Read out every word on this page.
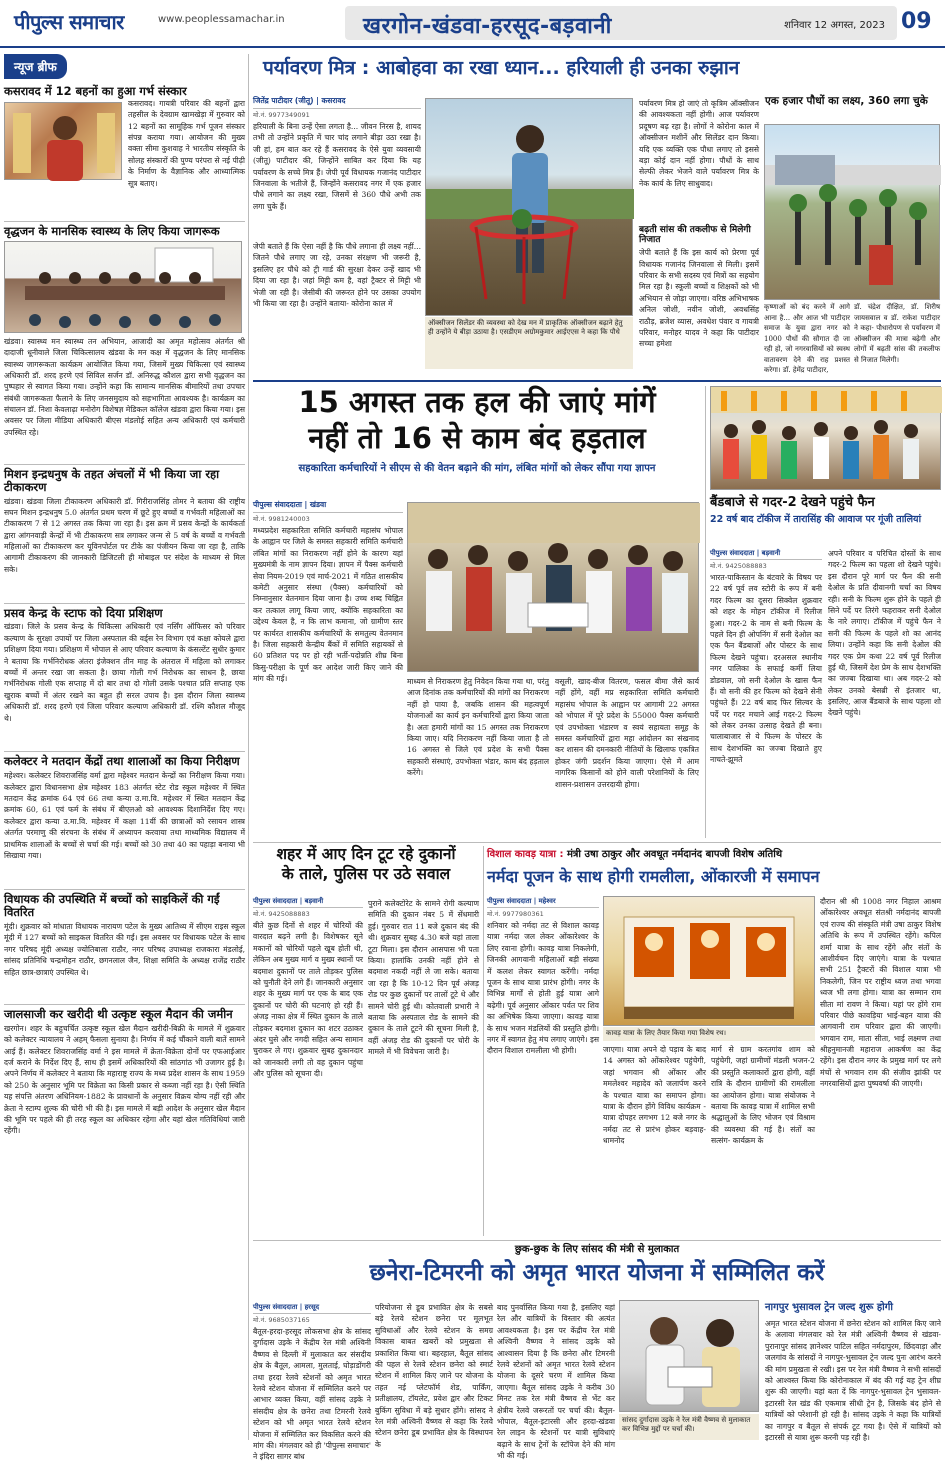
पीपुल्स समाचार	www.peoplessamachar.in	खरगोन-खंडवा-हरसूद-बड़वानी	शनिवार 12 अगस्त, 2023 09
न्यूज ब्रीफ
कसरावद में 12 बहनों का हुआ गर्भ संस्कार
कसरावद। गायत्री परिवार की बहनों द्वारा तहसील के देवग्राम खामखेड़ा में गुरुवार को 12 बहनों का सामूहिक गर्भ पूजन संस्कार संपन्न कराया गया। आयोजन की मुख्य वक्ता सीमा कुशवाह ने भारतीय संस्कृति के सोलह संस्कारों की पुण्य परंपरा से नई पीढ़ी के निर्माण के वैज्ञानिक और आध्यात्मिक सूत्र बताए।
वृद्धजन के मानसिक स्वास्थ्य के लिए किया जागरूक
खंडवा। स्वास्थ्य मन स्वास्थ्य तन अभियान, आजादी का अमृत महोत्सव अंतर्गत श्री दादाजी धूनीवाले जिला चिकित्सालय खंडवा के मन कक्ष में वृद्धजन के लिए मानसिक स्वास्थ्य जागरूकता कार्यक्रम आयोजित किया गया, जिसमें मुख्य चिकित्सा एवं स्वास्थ्य अधिकारी डॉ. शरद हरणे एवं सिविल सर्जन डॉ. अनिरुद्ध कौशल द्वारा सभी वृद्धजन का पुष्पहार से स्वागत किया गया। उन्होंने कहा कि सामान्य मानसिक बीमारियों तथा उपचार संबंधी जागरूकता फैलाने के लिए जनसमुदाय को सहभागिता आवश्यक है। कार्यक्रम का संचालन डॉ. निशा केवलाढ़ा मनोरोग विशेषज्ञ मेडिकल कॉलेज खंडवा द्वारा किया गया। इस अवसर पर जिला मीडिया अधिकारी बीएस मंडलोई सहित अन्य अधिकारी एवं कर्मचारी उपस्थित रहे।
मिशन इन्द्रधनुष के तहत अंचलों में भी किया जा रहा टीकाकरण
खंडवा। खंडवा जिला टीकाकरण अधिकारी डॉ. गिरीराजसिंह तोमर ने बताया की राष्ट्रीय सघन मिशन इन्द्रधनुष 5.0 अंतर्गत प्रथम चरण में छूटे हुए बच्चों व गर्भवती महिलाओं का टीकाकरण 7 से 12 अगस्त तक किया जा रहा है। इस क्रम में प्रसव केन्द्रों के कार्यकर्ता द्वारा आंगनवाड़ी केन्द्रों में भी टीकाकरण सत्र लगाकर जन्म से 5 वर्ष के बच्चों व गर्भवती महिलाओं का टीकाकरण कर यूविनपोर्टल पर टीके का पंजीयन किया जा रहा है, ताकि आगामी टीकाकरण की जानकारी डिजिटली ही मोबाइल पर संदेश के माध्यम से मिल सके।
प्रसव केन्द्र के स्टाफ को दिया प्रशिक्षण
खंडवा। जिले के प्रसव केन्द्र के चिकित्सा अधिकारी एवं नर्सिंग ऑफिसर को परिवार कल्याण के सुरक्षा उपायों पर जिला अस्पताल की वर्ड्स रेन विभाग एवं कक्षा कोयले द्वारा प्रशिक्षण दिया गया। प्रशिक्षण में भोपाल से आए परिवार कल्याण के कंसल्टेंट सुधीर कुमार ने बताया कि गर्भनिरोधक अंतरा इंजेक्शन तीन माह के अंतराल में महिला को लगाकर बच्चों में अन्तर रखा जा सकता है। छाया गोली गर्भ निरोधक का साधन है, छाया गर्भनिरोधक गोली एक सप्ताह में दो बार तथा दो गोली उसके पश्चात प्रति सप्ताह एक खुराक बच्चों में अंतर रखने का बहुत ही सरल उपाय है। इस दौरान जिला स्वास्थ्य अधिकारी डॉ. शरद हरणे एवं जिला परिवार कल्याण अधिकारी डॉ. रश्मि कौशल मौजूद थे।
कलेक्टर ने मतदान केंद्रों तथा शालाओं का किया निरीक्षण
महेश्वर। कलेक्टर शिवराजसिंह वर्मा द्वारा महेश्वर मतदान केन्द्रों का निरीक्षण किया गया। कलेक्टर द्वारा विधानसभा क्षेत्र महेश्वर 183 अंतर्गत स्टेट रोड स्कूल महेश्वर में स्थित मतदान केंद्र क्रमांक 64 एवं 66 तथा कन्या उ.मा.वि. महेश्वर में स्थित मतदान केंद्र क्रमांक 60, 61 एवं फर्म के संबंध में बीएलओ को आवश्यक दिशानिर्देश दिए गए। कलेक्टर द्वारा कन्या उ.मा.वि. महेश्वर में कक्षा 11वीं की छात्राओं को रसायन शास्त्र अंतर्गत परमाणु की संरचना के संबंध में अध्यापन करवाया तथा माध्यमिक विद्यालय में प्राथमिक शालाओं के बच्चों से चर्चा की गई। बच्चों को 30 तथा 40 का पहाड़ा बनाया भी सिखाया गया।
विधायक की उपस्थिति में बच्चों को साइकिलें की गईं वितरित
मूंदी। शुक्रवार को मांधाता विधायक नारायण पटेल के मुख्य आतिथ्य में सीएम राइस स्कूल मूंदी में 127 बच्चों को साइकल वितरित की गईं। इस अवसर पर विधायक पटेल के साथ नगर परिषद मूंदी अध्यक्ष ज्योतिबाला राठौर, नगर परिषद उपाध्यक्ष राजकारा मंडलोई, सांसद प्रतिनिधि चन्द्रमोहन राठौर, छगनलाल जैन, शिक्षा समिति के अध्यक्ष राजेंद्र राठौर सहित छात्र-छात्राएं उपस्थित थे।
जालसाजी कर खरीदी थी उत्कृष्ट स्कूल मैदान की जमीन
खरगोन। शहर के बहुचर्चित उत्कृष्ट स्कूल खेल मैदान खरीदी-बिक्री के मामले में शुक्रवार को कलेक्टर न्यायालय ने अहम् फैसला सुनाया है। निर्णय में कई चौंकाने वाली बातें सामने आई हैं। कलेक्टर शिवराजसिंह वर्मा ने इस मामले में क्रेता-विक्रेता दोनों पर एफआईआर दर्ज कराने के निर्देश दिए हैं, साथ ही इसमें अधिकारियों की सांठगांठ भी उजागर हुई है। अपने निर्णय में कलेक्टर ने बताया कि महाराष्ट्र राज्य के मध्य प्रदेश शासन के साथ 1959 को 250 के अनुसार भूमि पर विक्रेता का किसी प्रकार से कब्जा नहीं रहा है। ऐसी स्थिति यह संपत्ति अंतरण अधिनियम-1882 के प्रावधानों के अनुसार विक्रय योग्य नहीं रही और क्रेता ने स्टाम्प शुल्क की चोरी भी की है। इस मामले में बड़ी आदेश के अनुसार खेल मैदान की भूमि पर पहले की ही तरह स्कूल का अधिकार रहेगा और यहां खेल गतिविधियां जारी रहेंगी।
पर्यावरण मित्र : आबोहवा का रखा ध्यान... हरियाली ही उनका रुझान
जितेंद्र पाटीदार (जीतू) | कसरावद
मो.नं. 9977349091
हरियाली के बिना उन्हें ऐसा लगता है... जीवन निरस है, शायद तभी तो उन्होंने प्रकृति में चार चांद लगाने बीड़ा उठा रखा है। जी हां, हम बात कर रहे हैं कसरावद के ऐसे युवा व्यवसायी (जीतू) पाटीदार की, जिन्होंने साबित कर दिया कि यह पर्यावरण के सच्चे मित्र हैं। जेपी पूर्व विधायक गजानंद पाटीदार जिनवाला के भतीजे हैं, जिन्होंने कसरावद नगर में एक हजार पौधे लगाने का लक्ष्य रखा, जिसमें से 360 पौधे अभी तक लगा चुके हैं।
जेपी बताते हैं कि ऐसा नहीं है कि पौधे लगाना ही लक्ष्य नहीं... जितने पौधे लगाए जा रहे, उनका संरक्षण भी जरूरी है, इसलिए हर पौधे को ट्री गार्ड की सुरक्षा देकर उन्हें खाद भी दिया जा रहा है। जहां मिट्टी कम है, वहां ट्रैक्टर से मिट्टी भी भेजी जा रही है। जेसीबी की जरूरत होने पर उसका उपयोग भी किया जा रहा है। उन्होंने बताया- कोरोना काल में
ऑक्सीजन सिलेंडर की व्यवस्था को देख मन में प्राकृतिक ऑक्सीजन बढ़ाने हेतु ही उन्होंने ये बीड़ा उठाया है। एसडीएम अग्रोमकुमार आईएएस ने कहा कि पौधे
पर्यावरण मित्र हो जाएं तो कृत्रिम ऑक्सीजन की आवश्यकता नहीं होगी। आज पर्यावरण प्रदूषण बढ़ रहा है। लोगों ने कोरोना काल में ऑक्सीजन मशीनें और सिलेंडर दान किया। यदि एक व्यक्ति एक पौधा लगाए तो इससे बड़ा कोई दान नहीं होगा। पौधों के साथ सेल्फी लेकर भेजने वाले पर्यावरण मित्र के नेक कार्य के लिए साधुवाद।
बढ़ती सांस की तकलीफ से मिलेगी निजात
जेपी बताते हैं कि इस कार्य को प्रेरणा पूर्व विधायक गजानंद जिनवाला से मिली। इसमें परिवार के सभी सदस्य एवं मित्रों का सहयोग मिल रहा है। स्कूली बच्चों व शिक्षकों को भी अभियान से जोड़ा जाएगा। वरिष्ठ अभिभाषक अनिल जोशी, नवीन जोशी, अवधसिंह राठौड़, ब्रजेश व्यास, अवधेश पंवार व गायत्री परिवार, मनोहर यादव ने कहा कि पाटीदार सच्चा हमेशा
एक हजार पौधों का लक्ष्य, 360 लगा चुके
कृष्णाओं को बंद करने में आगे आना है... और आज भी पाटीदार समाज के युवा द्वारा नगर को 1000 पौधों की सौगात दी जा रही हो, जो नगरवासियों को स्वस्थ वातावरण देने की राह प्रशस्त करेगा। डॉ. हेमेंद्र पाटीदार,
डॉ. चंद्रेश दीक्षित, डॉ. शिरीष जायसवाल व डॉ. राकेश पाटीदार ने कहा- पौधारोपण से पर्यावरण में ऑक्सीजन की मात्रा बढ़ेगी और लोगों में बढ़ती सांस की तकलीफ से निजात मिलेगी।
15 अगस्त तक हल की जाएं मांगें
नहीं तो 16 से काम बंद हड़ताल
सहकारिता कर्मचारियों ने सीएम से की वेतन बढ़ाने की मांग, लंबित मांगों को लेकर सौंपा गया ज्ञापन
पीपुल्स संवाददाता | खंडवा
मो.नं. 9981240003
मध्यप्रदेश सहकारिता समिति कर्मचारी महासंघ भोपाल के आह्वान पर जिले के समस्त सहकारी समिति कर्मचारी लंबित मांगों का निराकरण नहीं होने के कारण यहां मुख्यमंत्री के नाम ज्ञापन दिया। ज्ञापन में पैक्स कर्मचारी सेवा नियम-2019 एवं मार्च-2021 में गठित शासकीय कमेटी अनुसार संस्था (पैक्स) कर्मचारियों को निम्नानुसार वेतनमान दिया जाना है। उच्च शब्द चिह्नित कर तत्काल लागू किया जाए, क्योंकि सहकारिता का उद्देश्य केवल है, न कि लाभ कमाना, जो ग्रामीण स्तर पर कार्यरत शासकीय कर्मचारियों के समतुल्य वेतनमान है। जिला सहकारी केन्द्रीय बैंकों में समिति सहायकों से 60 प्रतिशत पद पर हो रही भर्ती-पदोन्नति शीघ्र बिना किसु-परीक्षा के पूर्ण कर आदेश जारी किए जाने की मांग की गई।	माध्यम से निराकरण हेतु निवेदन किया गया था, परंतु आज दिनांक तक कर्मचारियों की मांगों का निराकरण नहीं हो पाया है, जबकि शासन की महत्वपूर्ण योजनाओं का कार्य इन कर्मचारियों द्वारा किया जाता है। अतः हमारी मांगों का 15 अगस्त तक निराकरण किया जाए। यदि निराकरण नहीं किया जाता है तो 16 अगस्त से जिले एवं प्रदेश के सभी पैक्स सहकारी संस्थाएं, उपभोक्ता भंडार, काम बंद हड़ताल करेंगे।
वसूली, खाद-बीज वितरण, फसल बीमा जैसे कार्य नहीं होंगे, वहीं मप्र सहकारिता समिति कर्मचारी महासंघ भोपाल के आह्वान पर आगामी 22 अगस्त को भोपाल में पूरे प्रदेश के 55000 पैक्स कर्मचारी एवं उपभोक्ता भंडारण व स्वयं सहायता समूह के समस्त कर्मचारियों द्वारा महा आंदोलन का संखनाद कर शासन की दमनकारी नीतियों के खिलाफ एकत्रित होकर जंगी प्रदर्शन किया जाएगा। ऐसे में आम नागरिक किसानों को होने वाली परेशानियों के लिए शासन-प्रशासन उत्तरदायी होगा।
बैंडबाजे से गदर-2 देखने पहुंचे फैन
22 वर्ष बाद टॉकीज में तारासिंह की आवाज पर गूंजी तालियां
पीपुल्स संवाददाता | बड़वानी
मो.नं. 9425088883
भारत-पाकिस्तान के बंटवारे के विषय पर 22 वर्ष पूर्व लव स्टोरी के रूप में बनी गदर फिल्म का दूसरा सिक्वेल शुक्रवार को शहर के मोहन टॉकीज में रिलीज हुआ। गदर-2 के नाम से बनी फिल्म के पहले दिन ही ओपनिंग में सनी देओल का एक फैन बैंडबाजों और पोस्टर के साथ फिल्म देखने पहुंचा। दरअसल स्थानीय नगर पालिका के सफाई कर्मी लिया डोडवाल, जो सनी देओल के खास फैन हैं। वो सनी की हर फिल्म को देखने सेनी पहुंचते हैं। 22 वर्ष बाद फिर सिल्वर के पर्दे पर गदर मचाने आई गदर-2 फिल्म को लेकर उनका उत्साह देखते ही बना। चालाबाजार से ये फिल्म के पोस्टर के साथ देशभक्ति का जज्बा दिखाते हुए नाचते-झूमते
अपने परिवार व परिचित दोस्तों के साथ गदर-2 फिल्म का पहला शो देखने पहुंचे। इस दौरान पूरे मार्ग पर फैन की सनी देओल के प्रति दीवानगी चर्चा का विषय रही। सनी के फिल्म शुरू होने के पहले ही सिने पर्दे पर तिरंगे फहराकर सनी देओल के नारे लगाए। टॉकीज में पहुंचे फैन ने सनी की फिल्म के पहले शो का आनंद लिया। उन्होंने कहा कि सनी देओल की गदर एक प्रेम कथा 22 वर्ष पूर्व रिलीज हुई थी, जिसमें देश प्रेम के साथ देशभक्ति का जज्बा दिखाया था। अब गदर-2 को लेकर उनको बेसब्री से इंतजार था, इसलिए, आज बैंडबाजे के साथ पहला शो देखने पहुंचे।
शहर में आए दिन टूट रहे दुकानों
के ताले, पुलिस पर उठे सवाल
पीपुल्स संवाददाता | बड़वानी
मो.नं. 9425088883
बीते कुछ दिनों से शहर में चोरियों की वारदात बढ़ने लगी है। विशेषकर सूने मकानों को चोरियों पहले खूब होती थी, लेकिन अब मुख्य मार्ग व मुख्य स्थानों पर बदमाश दुकानों पर ताले तोड़कर पुलिस को चुनौती देने लगे हैं। जानकारी अनुसार शहर के मुख्य मार्ग पर एक के बाद एक दुकानों पर चोरी की घटनाएं हो रही हैं। अंजड़ नाका क्षेत्र में स्थित दुकान के ताले तोड़कर बदमाश दुकान का शटर उठाकर अंदर घुसे और नगदी सहित अन्य सामान चुराकर ले गए। शुक्रवार सुबह दुकानदार को जानकारी लगी तो वह दुकान पहुंचा और पुलिस को सूचना दी।
पुराने कलेक्टोरेट के सामने रोगी कल्याण समिति की दुकान नंबर 5 में सेंधमारी हुई। गुरुवार रात 11 बजे दुकान बंद की थी। शुक्रवार सुबह 4.30 बजे यहां ताला टूटा मिला। इस दौरान आसपास भी पता किया। हालांकि उनकी नहीं होने से बदमाश नकदी नहीं ले जा सके। बताया जा रहा है कि 10-12 दिन पूर्व अंजड़ रोड पर कुछ दुकानों पर तालों टूटे थे और सामने चोरी हुई थी। कोतवाली प्रभारी ने बताया कि अस्पताल रोड के सामने की दुकान के ताले टूटने की सूचना मिली है, वहीं अंजड़ रोड की दुकानों पर चोरी के मामले में भी विवेचना जारी है।
विशाल कावड़ यात्रा : मंत्री उषा ठाकुर और अवधूत नर्मदानंद बापजी विशेष अतिथि
नर्मदा पूजन के साथ होगी रामलीला, ओंकारजी में समापन
पीपुल्स संवाददाता | महेश्वर
मो.नं. 9977980361
शनिवार को नर्मदा तट से विशाल कावड़ यात्रा नर्मदा जल लेकर ओंकारेश्वर के लिए रवाना होगी। कावड़ यात्रा निकलेगी, जिनकी आगवानी महिलाओं बड़ी संख्या में कलश लेकर स्वागत करेंगी। नर्मदा पूजन के साथ यात्रा प्रारंभ होगी। नगर के विभिन्न मार्गों से होती हुई यात्रा आगे बढ़ेगी। पूर्व अनुसार ओंकार पर्वत पर शिव का अभिषेक किया जाएगा। कावड़ यात्रा के साथ भजन मंडलियों की प्रस्तुति होगी। नगर में स्वागत हेतु मंच लगाए जाएंगे। इस दौरान विशाल रामलीला भी होगी।
कावड़ यात्रा के लिए तैयार किया गया विशेष रथ।
दौरान श्री श्री 1008 नगर निहाल आश्रम ओंकारेश्वर अवधूत संतश्री नर्मदानंद बापजी एवं राज्य की संस्कृति मंत्री उषा ठाकुर विशेष अतिथि के रूप में उपस्थित रहेंगे। कपिल शर्मा यात्रा के साथ रहेंगे और संतों के आशीर्वचन दिए जाएंगे। यात्रा के पश्चात सभी 251 ट्रैक्टरों की विशाल यात्रा भी निकलेगी, जिन पर राष्ट्रीय ध्वज तथा भगवा ध्वज भी लगा होगा। यात्रा का सम्मान राम सीता मां रावण ने किया। यहां पर होंगे राम परिवार पीछे कावड़िया भाई-बहन यात्रा की आगवानी राम परिवार द्वारा की जाएगी। भगवान राम, माता सीता, भाई लक्ष्मण तथा श्रीहनुमानजी महाराज आकर्षण का केंद्र रहेंगे। इस दौरान नगर के प्रमुख मार्ग पर लगे मंचों से भगवान राम की संजीव झांकी पर नगरवासियों द्वारा पुष्पवर्षा की जाएगी।
जाएगा। यात्रा अपने दो पड़ाव के बाद 14 अगस्त को ओंकारेश्वर पहुंचेगी, जहां भगवान श्री ओंकार और ममलेश्वर महादेव को जलार्पण करने के पश्चात यात्रा का समापन होगा। यात्रा के दौरान होंगे विविध कार्यक्रम - यात्रा दोपहर लगभग 12 बजे नगर के नर्मदा तट से प्रारंभ होकर बड़वाह-धामनोद
मार्ग से ग्राम करतगांव शाम को पहुंचेगी, जहां ग्रामीणों मंडली भजन-2 की प्रस्तुति कलाकारों द्वारा होगी, वहीं रात्रि के दौरान ग्रामीणों की रामलीला का आयोजन होगा। यात्रा संयोजक ने बताया कि कावड़ यात्रा में शामिल सभी श्रद्धालुओं के लिए भोजन एवं विश्राम की व्यवस्था की गई है। संतों का सत्संग- कार्यक्रम के
छुक-छुक के लिए सांसद की मंत्री से मुलाकात
छनेरा-टिमरनी को अमृत भारत योजना में सम्मिलित करें
पीपुल्स संवाददाता | हरसूद
मो.नं. 9685037165
बैतूल-हरदा-हरसूद लोकसभा क्षेत्र के सांसद दुर्गादास उइके ने केंद्रीय रेल मंत्री अश्विनी वैष्णव से दिल्ली में मुलाकात कर संसदीय क्षेत्र के बैतूल, आमला, मुलताई, घोड़ाडोंगरी तथा हरदा रेलवे स्टेशनों को अमृत भारत रेलवे स्टेशन योजना में सम्मिलित करने पर आभार व्यक्त किया, वहीं सांसद उइके ने संसदीय क्षेत्र के छनेरा तथा टिमरनी रेलवे स्टेशन को भी अमृत भारत रेलवे स्टेशन योजना में सम्मिलित कर विकसित करने की मांग की। मंगलवार को ही 'पीपुल्स समाचार' ने इंदिरा सागर बांध
परियोजना से डूब प्रभावित क्षेत्र के सबसे बड़े रेलवे स्टेशन छनेरा पर मूलभूत सुविधाओं और रेलवे स्टेशन के समग्र विकास बाबत खबरों को प्रमुखता से प्रकाशित किया था। बहरहाल, बैतूल सांसद की पहल से रेलवे स्टेशन छनेरा को स्मार्ट स्टेशन में शामिल किए जाने पर योजना के तहत नई प्लेटफॉर्म शेड, पार्किंग, प्रतीक्षालय, टॉयलेट, प्रवेश द्वार और टिकट बुकिंग सुविधा में बड़े सुधार होंगे। सांसद ने रेल मंत्री अश्विनी वैष्णव से कहा कि रेलवे स्टेशन छनेरा डूब प्रभावित क्षेत्र के विस्थापन के
बाद पुनर्वासित किया गया है, इसलिए यहां रेल और यात्रियों के विस्तार की अत्यंत आवश्यकता है। इस पर केंद्रीय रेल मंत्री अश्विनी वैष्णव ने सांसद उइके को आश्वासन दिया है कि छनेरा और टिमरनी रेलवे स्टेशनों को अमृत भारत रेलवे स्टेशन योजना के दूसरे चरण में शामिल किया जाएगा। बैतूल सांसद उइके ने करीब 30 मिनट तक रेल मंत्री वैष्णव से भेंट कर क्षेत्रीय रेलवे जरूरतों पर चर्चा की। बैतूल-भोपाल, बैतूल-इटारसी और हरदा-खंडवा रेल लाइन के स्टेशनों पर यात्री सुविधाएं बढ़ाने के साथ ट्रेनों के स्टॉपेज देने की मांग भी की गई।
सांसद दुर्गादास उइके ने रेल मंत्री वैष्णव से मुलाकात कर विभिन्न मुद्दों पर चर्चा की।
नागपुर भुसावल ट्रेन जल्द शुरू होगी
अमृत भारत स्टेशन योजना में छनेरा स्टेशन को शामिल किए जाने के अलावा मंगलवार को रेल मंत्री अश्विनी वैष्णव से खंडवा-पुरानापुर सांसद ज्ञानेश्वर पाटिल सहित नर्मदापुरम, छिंदवाड़ा और जलगांव के सांसदों ने नागपुर-भुसावल ट्रेन जल्द पुनः आरंभ करने की मांग प्रमुखता से रखी। इस पर रेल मंत्री वैष्णव ने सभी सांसदों को आश्वस्त किया कि कोरोनाकाल में बंद की गई यह ट्रेन शीघ्र शुरू की जाएगी। यहां बता दें कि नागपुर-भुसावल ट्रेन भुसावल-इटारसी रेल खंड की एकमात्र सीधी ट्रेन है, जिसके बंद होने से यात्रियों को परेशानी हो रही है। सांसद उइके ने कहा कि यात्रियों का नागपुर व बैतूल से संपर्क टूट गया है। ऐसे में यात्रियों को इटारसी से यात्रा शुरू करनी पड़ रही है।
